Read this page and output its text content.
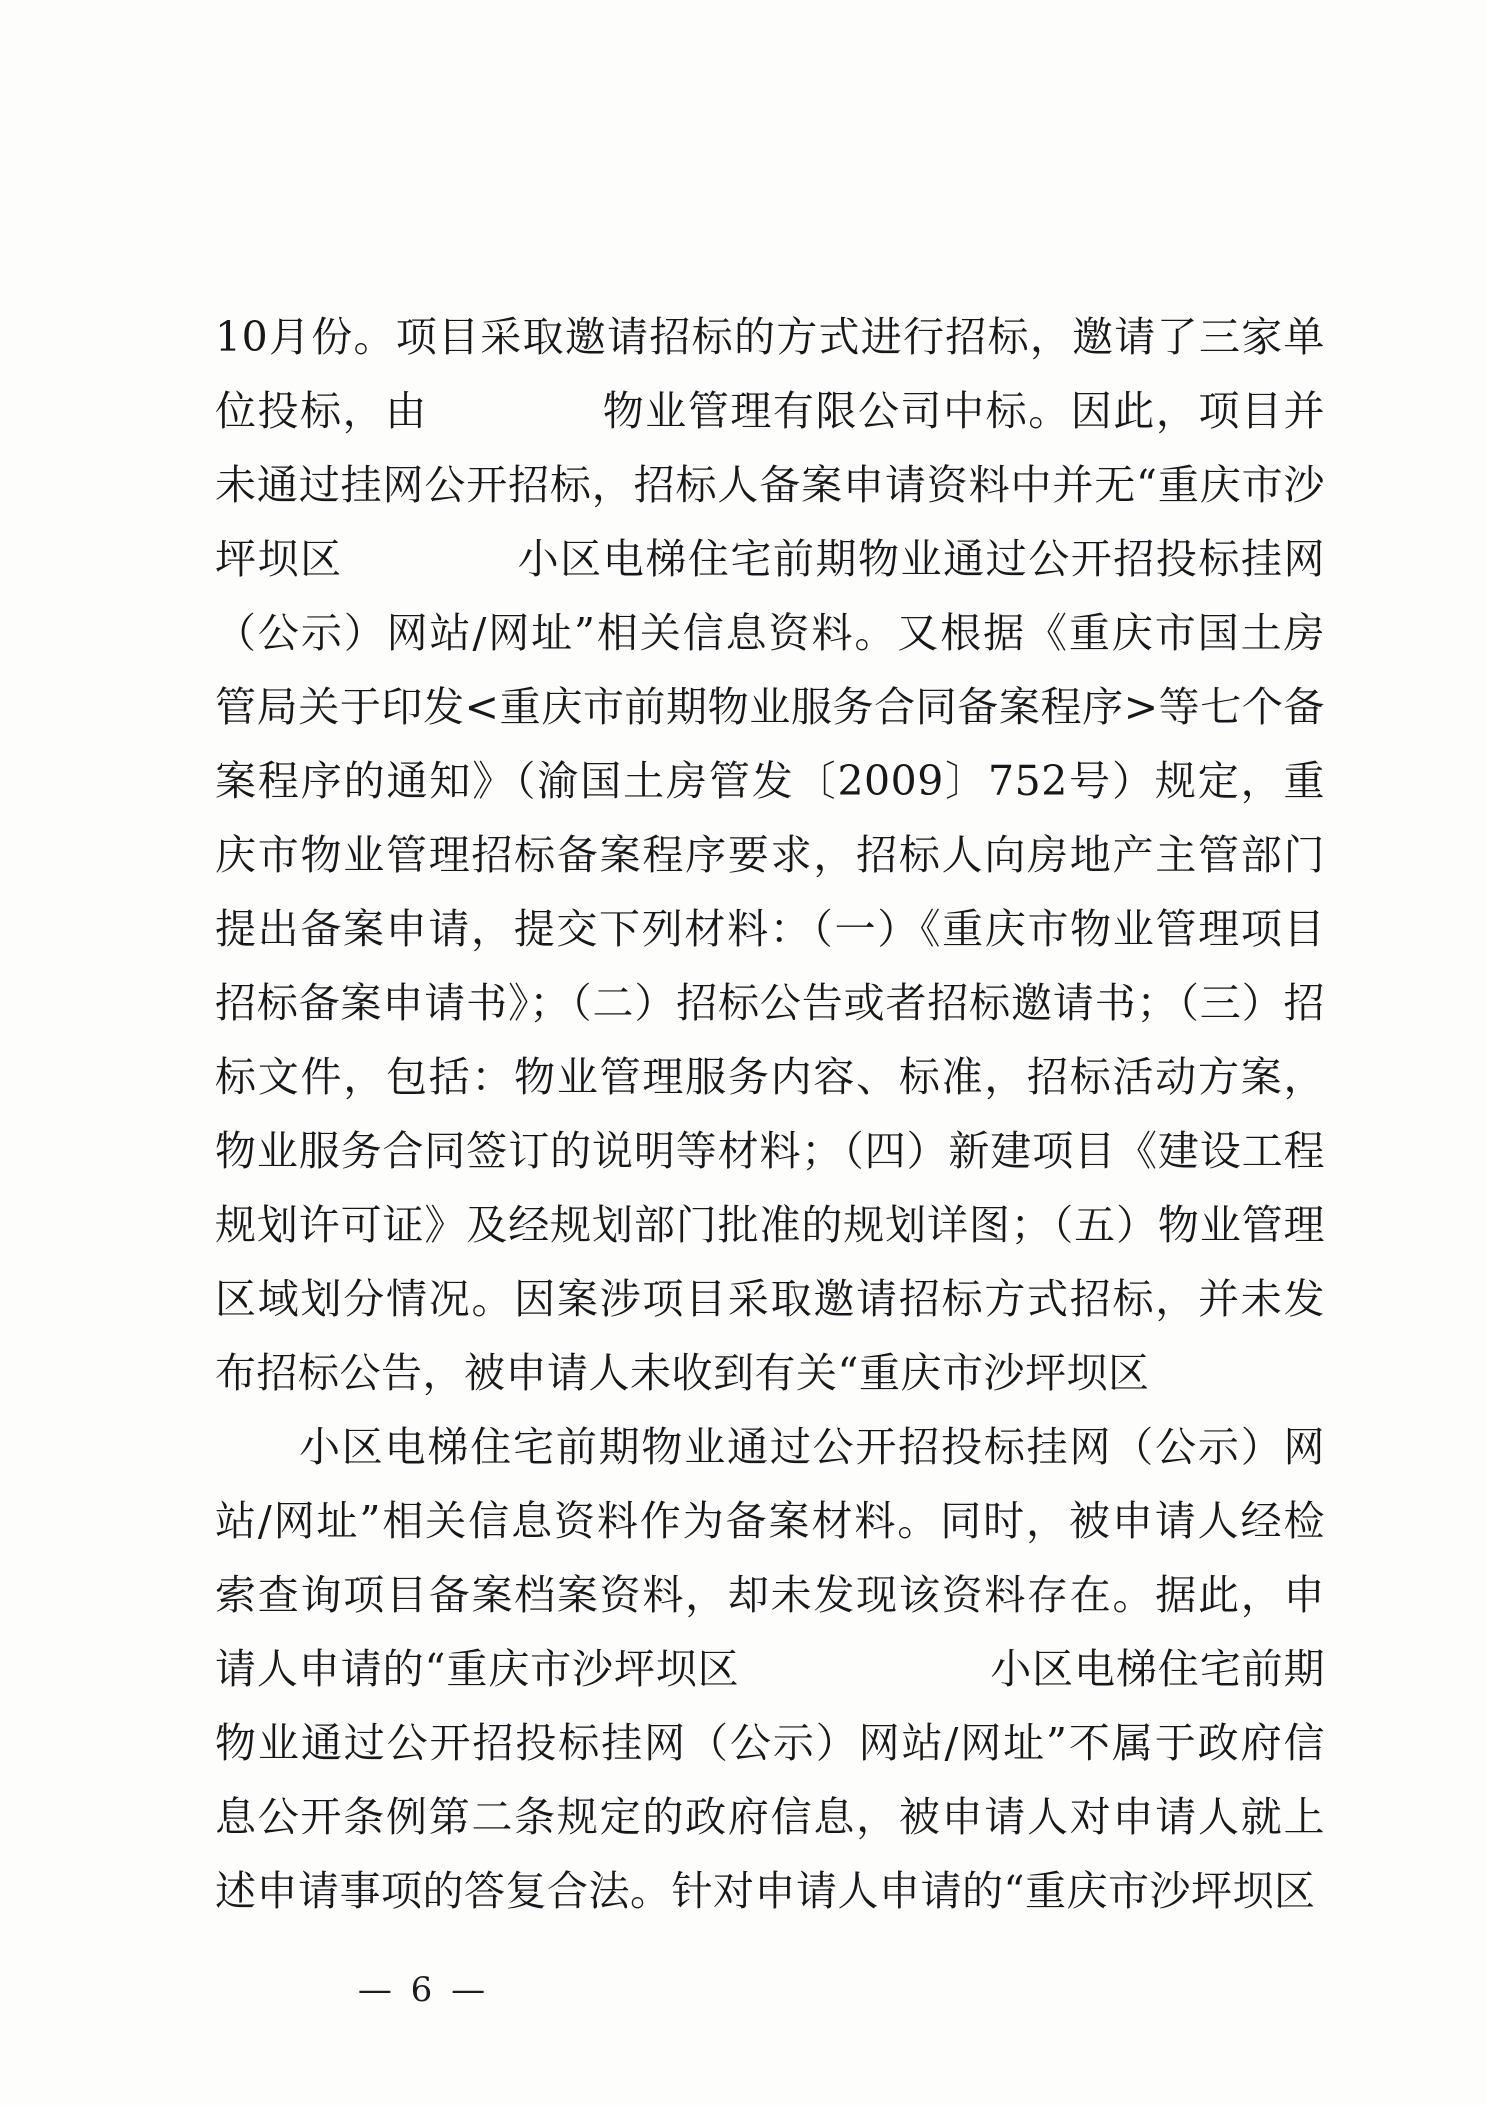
10月份。项目采取邀请招标的方式进行招标，邀请了三家单位投标，由            物业管理有限公司中标。因此，项目并未通过挂网公开招标，招标人备案申请资料中并无“重庆市沙坪坝区            小区电梯住宅前期物业通过公开招投标挂网（公示）网站/网址”相关信息资料。又根据《重庆市国土房管局关于印发<重庆市前期物业服务合同备案程序>等七个备案程序的通知》（渝国土房管发〔2009〕752号）规定，重庆市物业管理招标备案程序要求，招标人向房地产主管部门提出备案申请，提交下列材料：（一）《重庆市物业管理项目招标备案申请书》；（二）招标公告或者招标邀请书；（三）招标文件，包括：物业管理服务内容、标准，招标活动方案，物业服务合同签订的说明等材料；（四）新建项目《建设工程规划许可证》及经规划部门批准的规划详图；（五）物业管理区域划分情况。因案涉项目采取邀请招标方式招标，并未发布招标公告，被申请人未收到有关“重庆市沙坪坝区

小区电梯住宅前期物业通过公开招投标挂网（公示）网站/网址”相关信息资料作为备案材料。同时，被申请人经检索查询项目备案档案资料，却未发现该资料存在。据此，申请人申请的“重庆市沙坪坝区                  小区电梯住宅前期物业通过公开招投标挂网（公示）网站/网址”不属于政府信息公开条例第二条规定的政府信息，被申请人对申请人就上述申请事项的答复合法。针对申请人申请的“重庆市沙坪坝区

— 6 —
